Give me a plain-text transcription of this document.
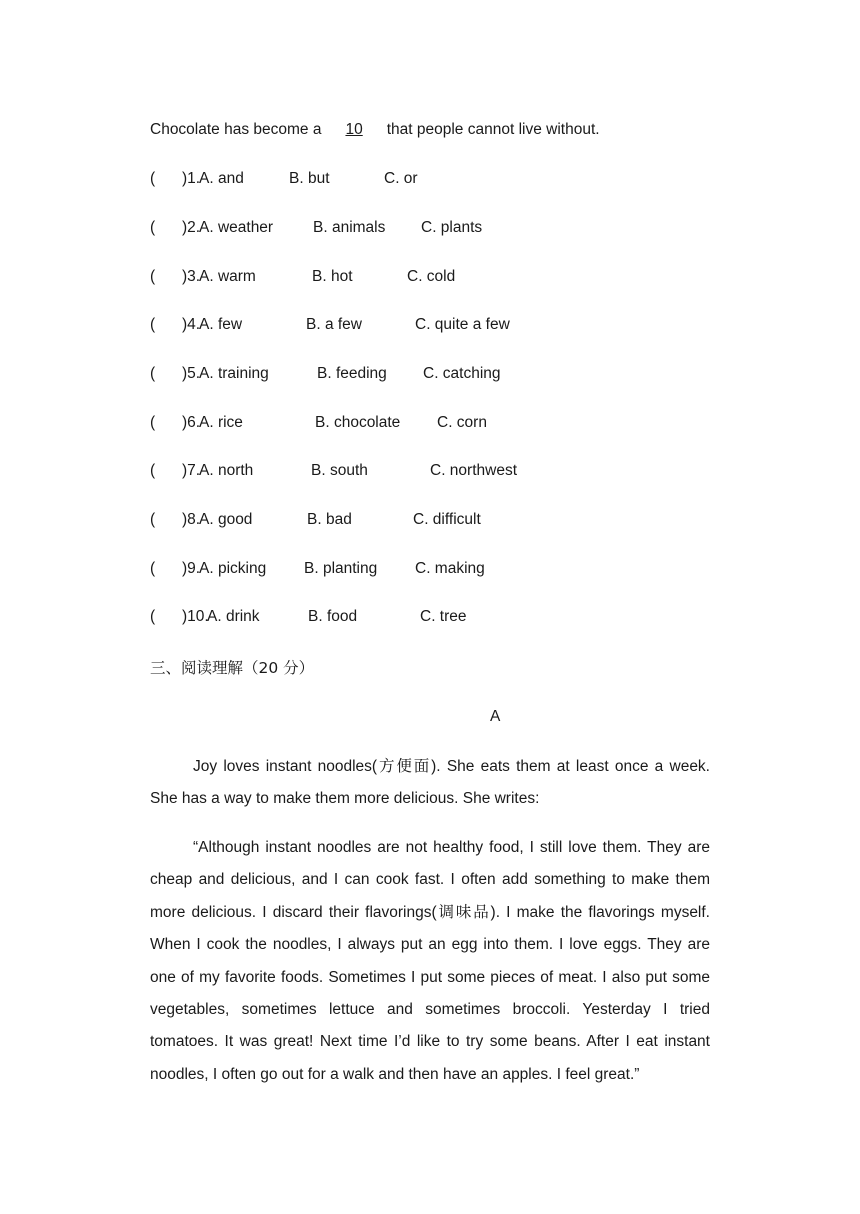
Chocolate has become a 10 that people cannot live without.
( )1.
A. and	B. but	C. or
( )2.
A. weather	B. animals C. plants
( )3.
A. warm	B. hot	C. cold
( )4.
A. few	B. a few	C. quite a few
( )5.
A. training	B. feeding C. catching
( )6.
A. rice	B. chocolate C. corn
( )7.
A. north	B. south	C. northwest
( )8.
A. good	B. bad	C. difficult
( )9.
A. picking B. planting C. making
( )10.
A. drink	B. food	C. tree
三、阅读理解（20 分）
A
Joy loves instant noodles(方便面). She eats them at least once a week. She has a way to make them more delicious. She writes:
“Although instant noodles are not healthy food, I still love them. They are cheap and delicious, and I can cook fast. I often add something to make them more delicious. I discard their flavorings(调味品). I make the flavorings myself. When I cook the noodles, I always put an egg into them. I love eggs. They are one of my favorite foods. Sometimes I put some pieces of meat. I also put some vegetables, sometimes lettuce and sometimes broccoli. Yesterday I tried tomatoes. It was great! Next time I’d like to try some beans. After I eat instant noodles, I often go out for a walk and then have an apples. I feel great.”
